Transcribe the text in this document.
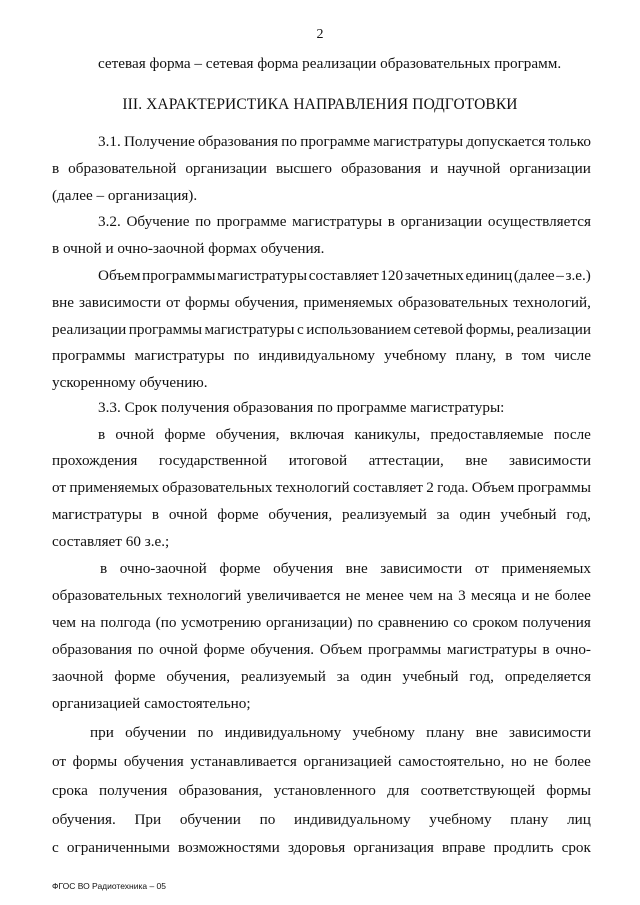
2
сетевая форма – сетевая форма реализации образовательных программ.
III. ХАРАКТЕРИСТИКА НАПРАВЛЕНИЯ ПОДГОТОВКИ
3.1. Получение образования по программе магистратуры допускается только
в образовательной организации высшего образования и научной организации
(далее – организация).
3.2. Обучение по программе магистратуры в организации осуществляется
в очной и очно-заочной формах обучения.
Объем программы магистратуры составляет 120 зачетных единиц (далее – з.е.)
вне зависимости от формы обучения, применяемых образовательных технологий,
реализации программы магистратуры с использованием сетевой формы, реализации
программы магистратуры по индивидуальному учебному плану, в том числе
ускоренному обучению.
3.3. Срок получения образования по программе магистратуры:
в очной форме обучения, включая каникулы, предоставляемые после
прохождения государственной итоговой аттестации, вне зависимости
от применяемых образовательных технологий составляет 2 года. Объем программы
магистратуры в очной форме обучения, реализуемый за один учебный год,
составляет 60 з.е.;
в очно-заочной форме обучения вне зависимости от применяемых
образовательных технологий увеличивается не менее чем на 3 месяца и не более
чем на полгода (по усмотрению организации) по сравнению со сроком получения
образования по очной форме обучения. Объем программы магистратуры в очно-
заочной форме обучения, реализуемый за один учебный год, определяется
организацией самостоятельно;
при обучении по индивидуальному учебному плану вне зависимости
от формы обучения устанавливается организацией самостоятельно, но не более
срока получения образования, установленного для соответствующей формы
обучения. При обучении по индивидуальному учебному плану лиц
с ограниченными возможностями здоровья организация вправе продлить срок
ФГОС ВО Радиотехника – 05
